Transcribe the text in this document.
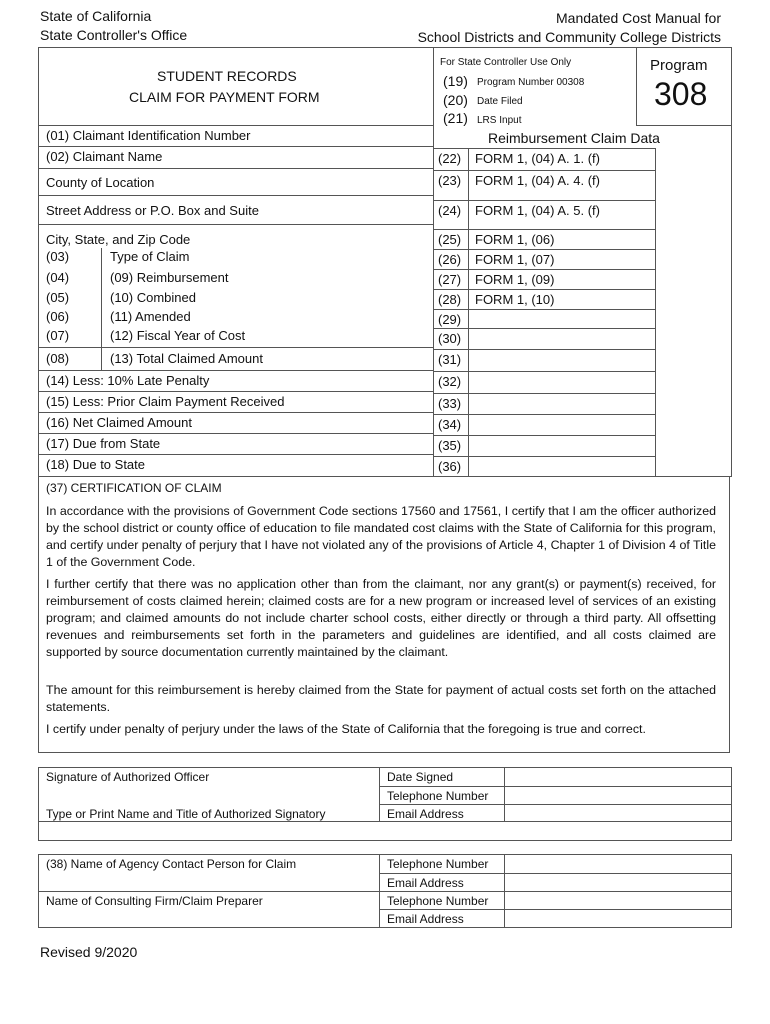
State of California
State Controller's Office
Mandated Cost Manual for
School Districts and Community College Districts
Program
308
STUDENT RECORDS
CLAIM FOR PAYMENT FORM
For State Controller Use Only
(19) Program Number 00308
(20) Date Filed
(21) LRS Input
Reimbursement Claim Data
(01) Claimant Identification Number
(02) Claimant Name
County of Location
Street Address or P.O. Box and Suite
City, State, and Zip Code
(03)	Type of Claim
(04)	(09) Reimbursement
(05)	(10) Combined
(06)	(11) Amended
(07)	(12) Fiscal Year of Cost
(08)	(13) Total Claimed Amount
(14) Less: 10% Late Penalty
(15) Less: Prior Claim Payment Received
(16) Net Claimed Amount
(17) Due from State
(18) Due to State
(22) FORM 1, (04) A. 1. (f)
(23) FORM 1, (04) A. 4. (f)
(24) FORM 1, (04) A. 5. (f)
(25) FORM 1, (06)
(26) FORM 1, (07)
(27) FORM 1, (09)
(28) FORM 1, (10)
(29)
(30)
(31)
(32)
(33)
(34)
(35)
(36)
(37) CERTIFICATION OF CLAIM
In accordance with the provisions of Government Code sections 17560 and 17561, I certify that I am the officer authorized by the school district or county office of education to file mandated cost claims with the State of California for this program, and certify under penalty of perjury that I have not violated any of the provisions of Article 4, Chapter 1 of Division 4 of Title 1 of the Government Code.
I further certify that there was no application other than from the claimant, nor any grant(s) or payment(s) received, for reimbursement of costs claimed herein; claimed costs are for a new program or increased level of services of an existing program; and claimed amounts do not include charter school costs, either directly or through a third party. All offsetting revenues and reimbursements set forth in the parameters and guidelines are identified, and all costs claimed are supported by source documentation currently maintained by the claimant.
The amount for this reimbursement is hereby claimed from the State for payment of actual costs set forth on the attached statements.
I certify under penalty of perjury under the laws of the State of California that the foregoing is true and correct.
Signature of Authorized Officer	Date Signed
Telephone Number
Type or Print Name and Title of Authorized Signatory	Email Address
(38) Name of Agency Contact Person for Claim	Telephone Number
Email Address
Name of Consulting Firm/Claim Preparer	Telephone Number
Email Address
Revised 9/2020
